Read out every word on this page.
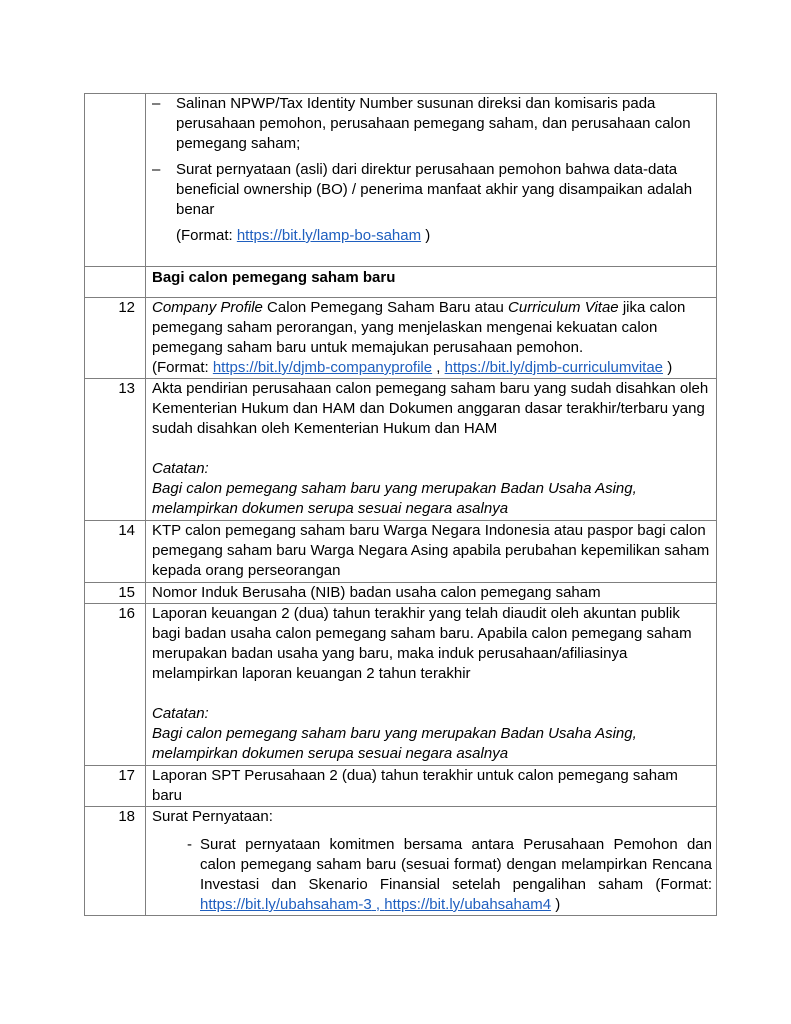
	– Salinan NPWP/Tax Identity Number susunan direksi dan komisaris pada perusahaan pemohon, perusahaan pemegang saham, dan perusahaan calon pemegang saham;
– Surat pernyataan (asli) dari direktur perusahaan pemohon bahwa data-data beneficial ownership (BO) / penerima manfaat akhir yang disampaikan adalah benar
(Format: https://bit.ly/lamp-bo-saham )

	Bagi calon pemegang saham baru
12	Company Profile Calon Pemegang Saham Baru atau Curriculum Vitae jika calon pemegang saham perorangan, yang menjelaskan mengenai kekuatan calon pemegang saham baru untuk memajukan perusahaan pemohon.
(Format: https://bit.ly/djmb-companyprofile , https://bit.ly/djmb-curriculumvitae )

13	Akta pendirian perusahaan calon pemegang saham baru yang sudah disahkan oleh Kementerian Hukum dan HAM dan Dokumen anggaran dasar terakhir/terbaru yang sudah disahkan oleh Kementerian Hukum dan HAM
Catatan:
Bagi calon pemegang saham baru yang merupakan Badan Usaha Asing, melampirkan dokumen serupa sesuai negara asalnya

14	KTP calon pemegang saham baru Warga Negara Indonesia atau paspor bagi calon pemegang saham baru Warga Negara Asing apabila perubahan kepemilikan saham kepada orang perseorangan
15	Nomor Induk Berusaha (NIB) badan usaha calon pemegang saham
16	Laporan keuangan 2 (dua) tahun terakhir yang telah diaudit oleh akuntan publik bagi badan usaha calon pemegang saham baru. Apabila calon pemegang saham merupakan badan usaha yang baru, maka induk perusahaan/afiliasinya melampirkan laporan keuangan 2 tahun terakhir
Catatan:
Bagi calon pemegang saham baru yang merupakan Badan Usaha Asing, melampirkan dokumen serupa sesuai negara asalnya

17	Laporan SPT Perusahaan 2 (dua) tahun terakhir untuk calon pemegang saham baru
18	Surat Pernyataan:
- Surat pernyataan komitmen bersama antara Perusahaan Pemohon dan calon pemegang saham baru (sesuai format) dengan melampirkan Rencana Investasi dan Skenario Finansial setelah pengalihan saham (Format: https://bit.ly/ubahsaham-3 , https://bit.ly/ubahsaham4 )
